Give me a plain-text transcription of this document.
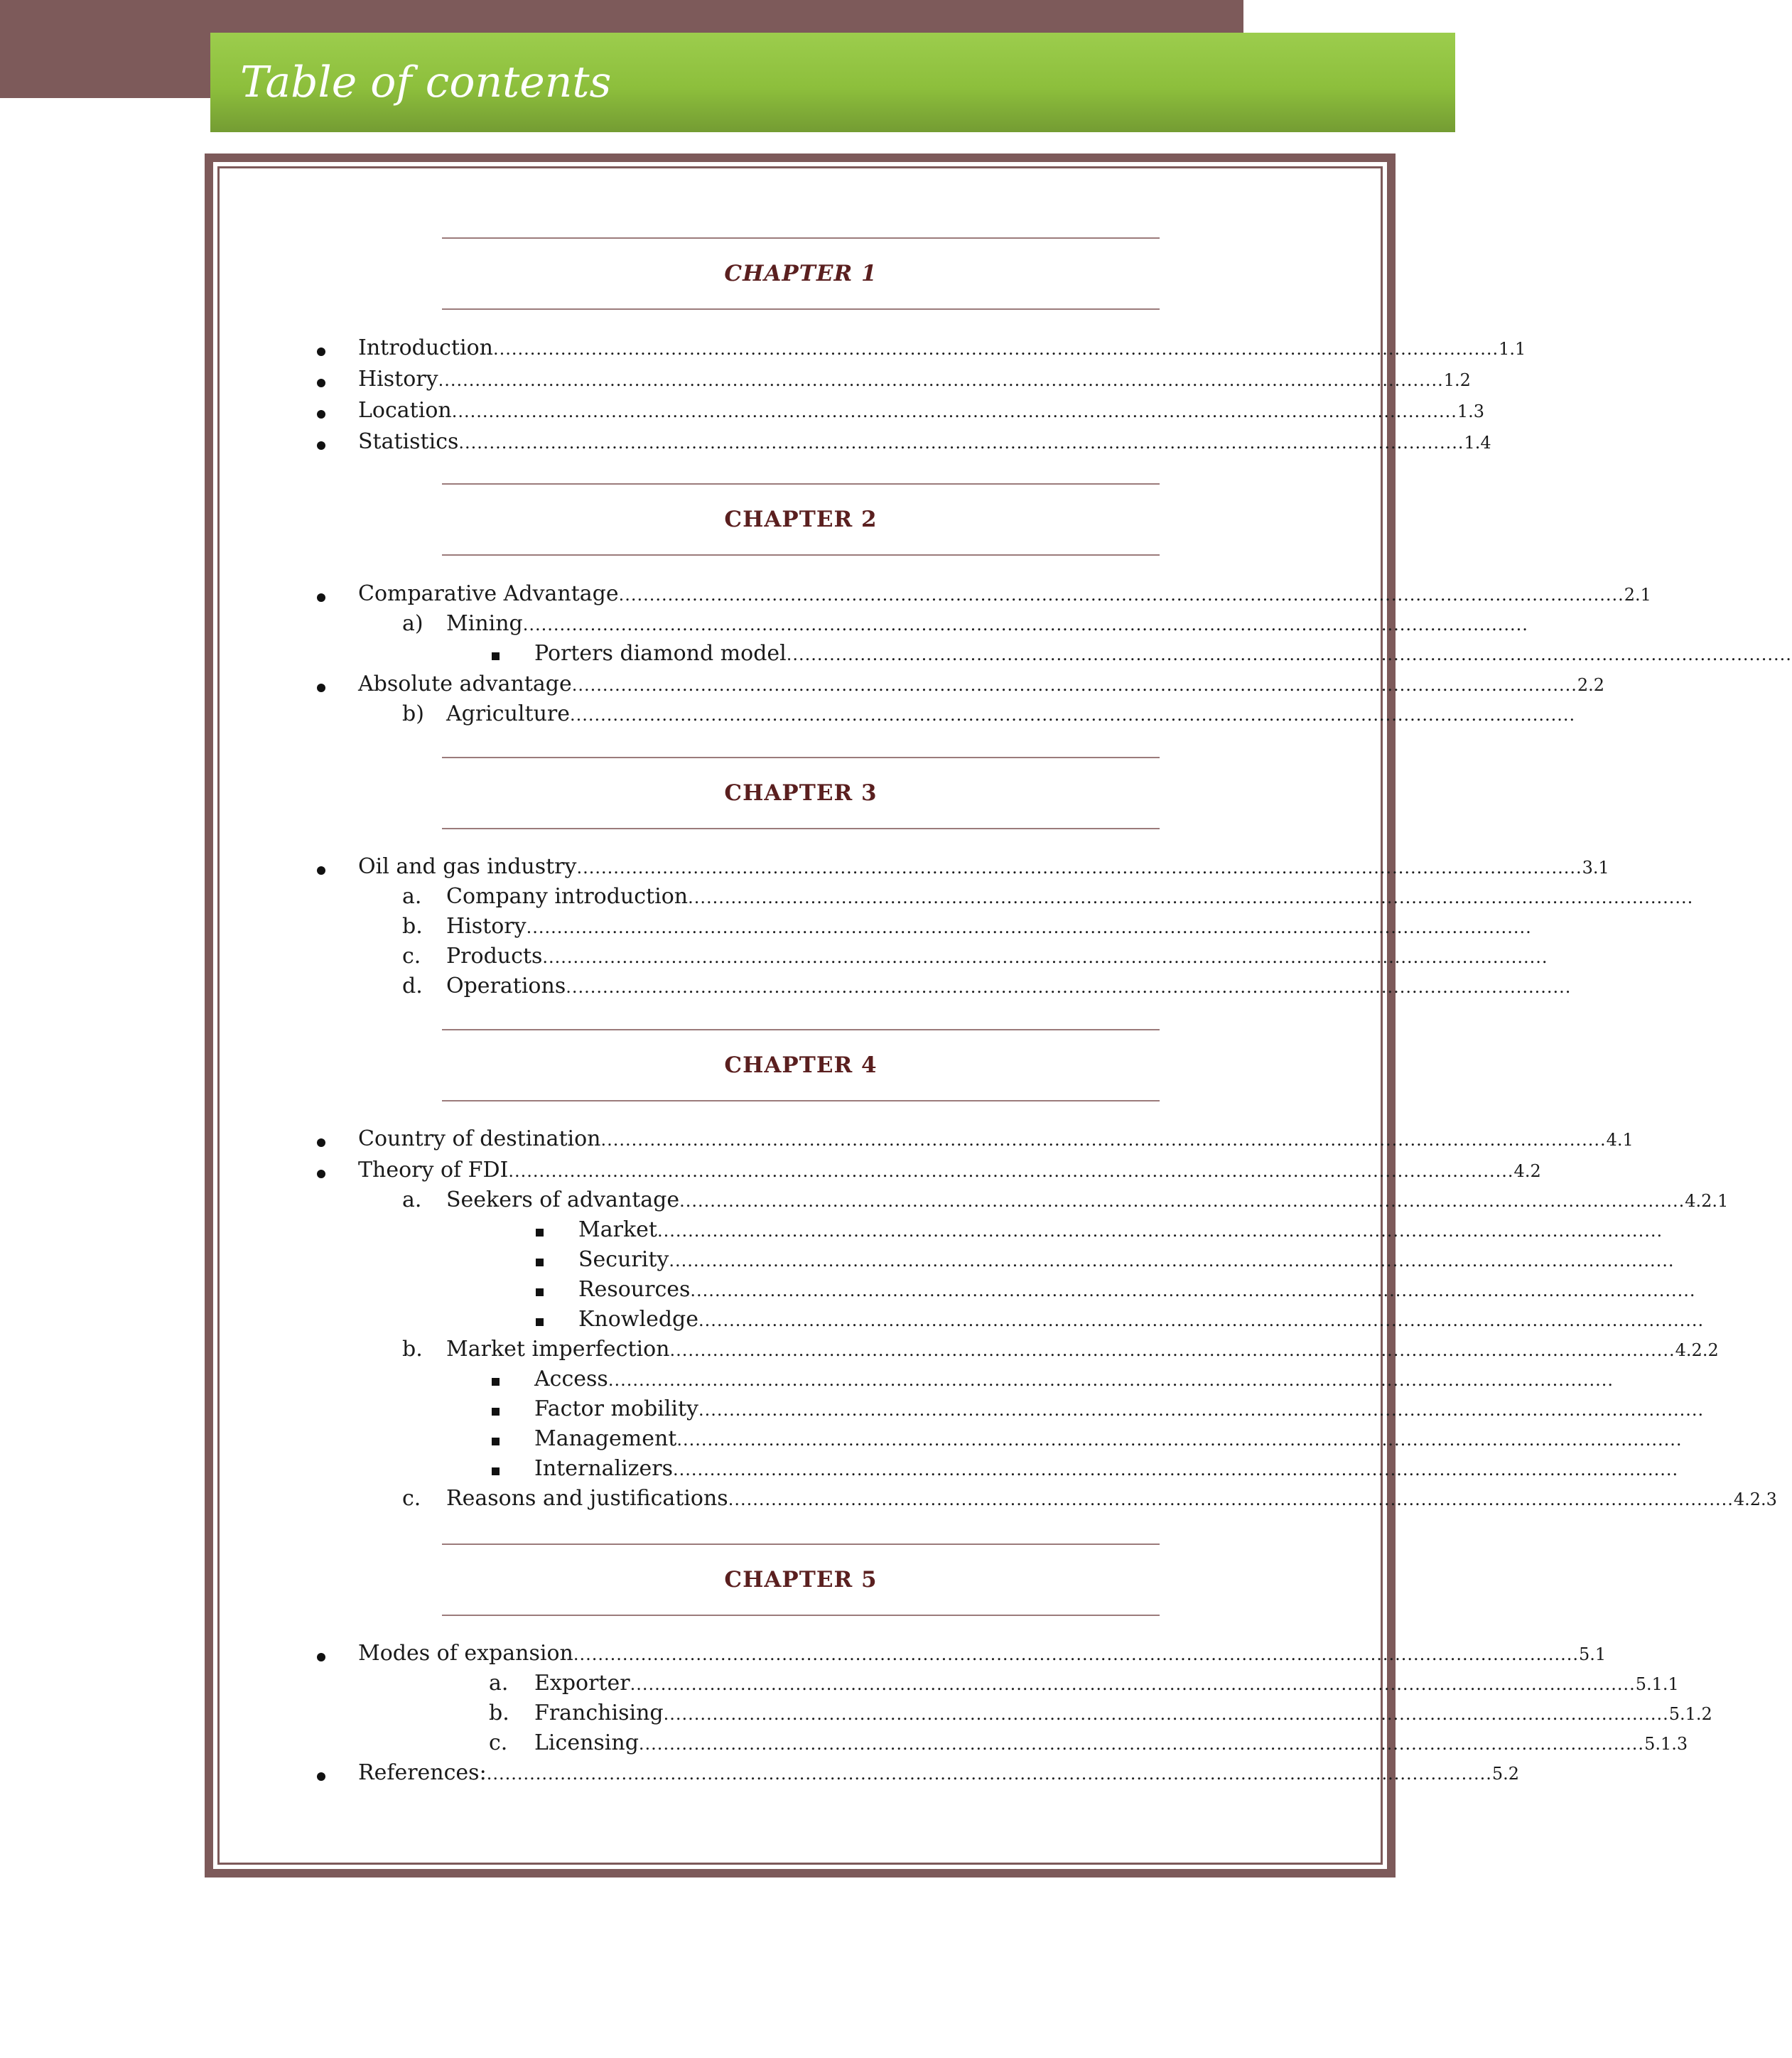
Table of contents
CHAPTER 1
CHAPTER 2
CHAPTER 3
CHAPTER 4
CHAPTER 5
Introduction .................................................................................................................................................................... 1.1
History .................................................................................................................................................................... 1.2
Location .................................................................................................................................................................... 1.3
Statistics .................................................................................................................................................................... 1.4
Comparative Advantage .................................................................................................................................................................... 2.1
a) Mining ....................................................................................................................................................................
Porters diamond model ....................................................................................................................................................................
Absolute advantage .................................................................................................................................................................... 2.2
b) Agriculture ....................................................................................................................................................................
Oil and gas industry .................................................................................................................................................................... 3.1
a. Company introduction ....................................................................................................................................................................
b. History ....................................................................................................................................................................
c. Products ....................................................................................................................................................................
d. Operations ....................................................................................................................................................................
Country of destination .................................................................................................................................................................... 4.1
Theory of FDI .................................................................................................................................................................... 4.2
a. Seekers of advantage .................................................................................................................................................................... 4.2.1
Market ....................................................................................................................................................................
Security ....................................................................................................................................................................
Resources ....................................................................................................................................................................
Knowledge ....................................................................................................................................................................
b. Market imperfection .................................................................................................................................................................... 4.2.2
Access ....................................................................................................................................................................
Factor mobility ....................................................................................................................................................................
Management ....................................................................................................................................................................
Internalizers ....................................................................................................................................................................
c. Reasons and justifications .................................................................................................................................................................... 4.2.3
Modes of expansion .................................................................................................................................................................... 5.1
a. Exporter .................................................................................................................................................................... 5.1.1
b. Franchising .................................................................................................................................................................... 5.1.2
c. Licensing .................................................................................................................................................................... 5.1.3
References: .................................................................................................................................................................... 5.2
